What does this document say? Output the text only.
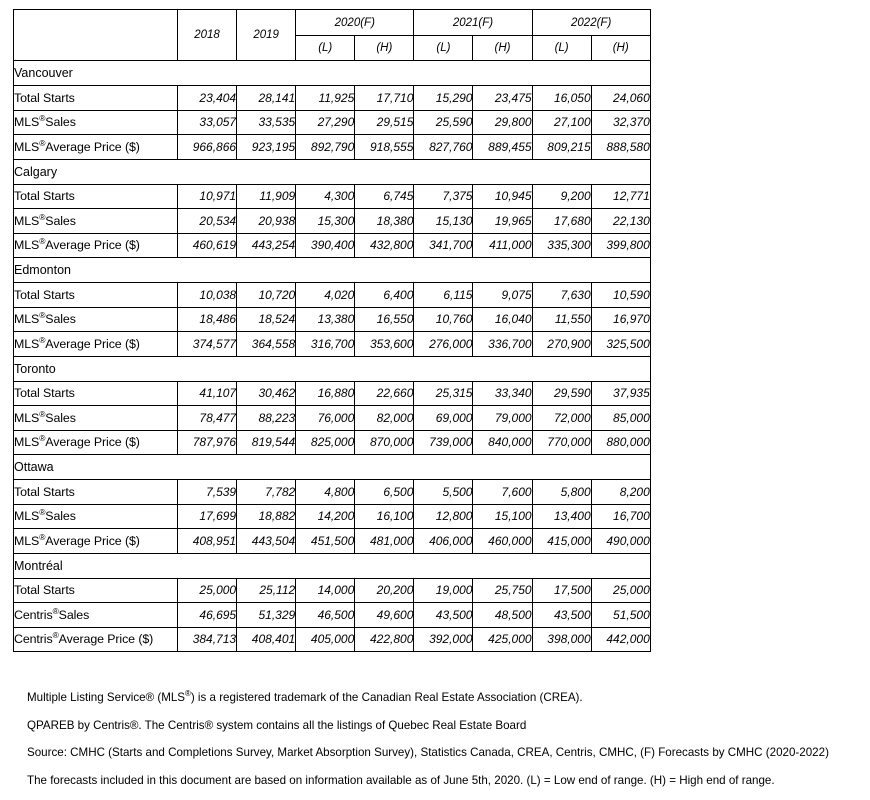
	2018	2019	2020(F)		2021(F)		2022(F)	
			(L)	(H)	(L)	(H)	(L)	(H)
Vancouver								
Total Starts	23,404	28,141	11,925	17,710	15,290	23,475	16,050	24,060
MLS®Sales	33,057	33,535	27,290	29,515	25,590	29,800	27,100	32,370
MLS®Average Price ($)	966,866	923,195	892,790	918,555	827,760	889,455	809,215	888,580
Calgary								
Total Starts	10,971	11,909	4,300	6,745	7,375	10,945	9,200	12,771
MLS®Sales	20,534	20,938	15,300	18,380	15,130	19,965	17,680	22,130
MLS®Average Price ($)	460,619	443,254	390,400	432,800	341,700	411,000	335,300	399,800
Edmonton								
Total Starts	10,038	10,720	4,020	6,400	6,115	9,075	7,630	10,590
MLS®Sales	18,486	18,524	13,380	16,550	10,760	16,040	11,550	16,970
MLS®Average Price ($)	374,577	364,558	316,700	353,600	276,000	336,700	270,900	325,500
Toronto								
Total Starts	41,107	30,462	16,880	22,660	25,315	33,340	29,590	37,935
MLS®Sales	78,477	88,223	76,000	82,000	69,000	79,000	72,000	85,000
MLS®Average Price ($)	787,976	819,544	825,000	870,000	739,000	840,000	770,000	880,000
Ottawa								
Total Starts	7,539	7,782	4,800	6,500	5,500	7,600	5,800	8,200
MLS®Sales	17,699	18,882	14,200	16,100	12,800	15,100	13,400	16,700
MLS®Average Price ($)	408,951	443,504	451,500	481,000	406,000	460,000	415,000	490,000
Montréal								
Total Starts	25,000	25,112	14,000	20,200	19,000	25,750	17,500	25,000
Centris®Sales	46,695	51,329	46,500	49,600	43,500	48,500	43,500	51,500
Centris®Average Price ($)	384,713	408,401	405,000	422,800	392,000	425,000	398,000	442,000
Multiple Listing Service® (MLS®) is a registered trademark of the Canadian Real Estate Association (CREA).
QPAREB by Centris®. The Centris® system contains all the listings of Quebec Real Estate Board
Source: CMHC (Starts and Completions Survey, Market Absorption Survey), Statistics Canada, CREA, Centris, CMHC, (F) Forecasts by CMHC (2020-2022)
The forecasts included in this document are based on information available as of June 5th, 2020. (L) = Low end of range. (H) = High end of range.
